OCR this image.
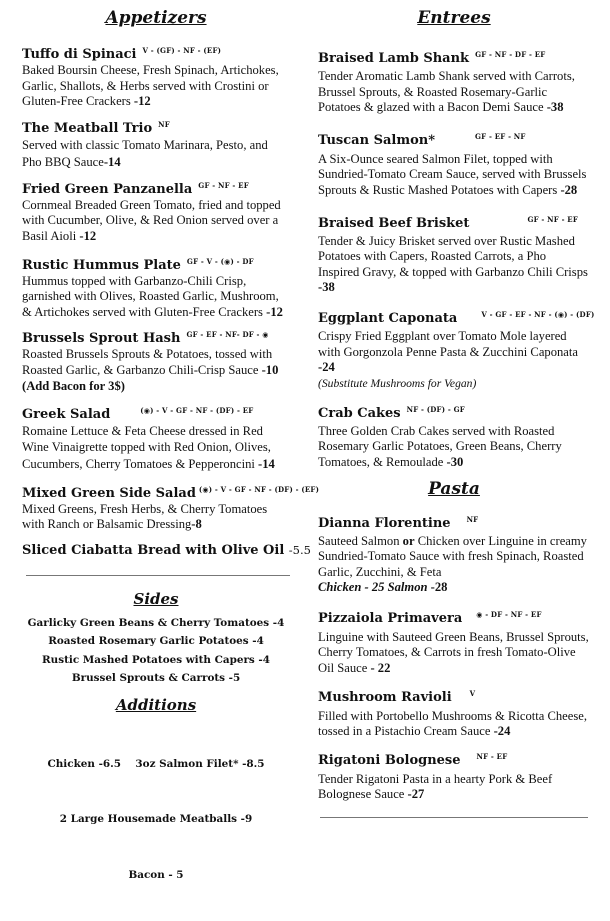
Appetizers
Tuffo di Spinaci $^{V - (GF) - NF - (EF)}$
Baked Boursin Cheese, Fresh Spinach, Artichokes, Garlic, Shallots, & Herbs served with Crostini or Gluten-Free Crackers -12
The Meatball Trio $^{NF}$
Served with classic Tomato Marinara, Pesto, and Pho BBQ Sauce-14
Fried Green Panzanella $^{GF - NF - EF}$
Cornmeal Breaded Green Tomato, fried and topped with Cucumber, Olive, & Red Onion served over a Basil Aioli -12
Rustic Hummus Plate $^{GF - V - (◉) - DF}$
Hummus topped with Garbanzo-Chili Crisp, garnished with Olives, Roasted Garlic, Mushroom, & Artichokes served with Gluten-Free Crackers -12
Brussels Sprout Hash $^{GF - EF - NF- DF - ◉}$
Roasted Brussels Sprouts & Potatoes, tossed with Roasted Garlic, & Garbanzo Chili-Crisp Sauce -10  (Add Bacon for 3$)
Greek Salad	$^{(◉) - V - GF - NF - (DF) - EF}$
Romaine Lettuce & Feta Cheese dressed in Red Wine Vinaigrette topped with Red Onion, Olives, Cucumbers, Cherry Tomatoes & Pepperoncini -14
Mixed Green Side Salad $^{(◉) - V - GF - NF - (DF) - (EF)}$
Mixed Greens, Fresh Herbs, & Cherry Tomatoes with Ranch or Balsamic Dressing-8
Sliced Ciabatta Bread with Olive Oil -5.5
Sides
Garlicky Green Beans & Cherry Tomatoes -4
Roasted Rosemary Garlic Potatoes -4
Rustic Mashed Potatoes with Capers -4
Brussel Sprouts & Carrots -5
Additions

Chicken -6.5    3oz Salmon Filet* -8.5

2 Large Housemade Meatballs -9

Bacon - 5

Entrees
Braised Lamb Shank $^{GF - NF - DF - EF}$
Tender Aromatic Lamb Shank served with Carrots, Brussel Sprouts, & Roasted Rosemary-Garlic Potatoes & glazed with a Bacon Demi Sauce -38
Tuscan Salmon*	$^{GF - EF - NF}$
A Six-Ounce seared Salmon Filet, topped with Sundried-Tomato Cream Sauce, served with Brussels Sprouts & Rustic Mashed Potatoes with Capers -28
Braised Beef Brisket	$^{GF - NF - EF}$
Tender & Juicy Brisket served over Rustic Mashed Potatoes with Capers, Roasted Carrots, a Pho Inspired Gravy, & topped with Garbanzo Chili Crisps -38
Eggplant Caponata	$^{V - GF - EF - NF - (◉) - (DF)}$
Crispy Fried Eggplant over Tomato Mole layered with Gorgonzola Penne Pasta & Zucchini Caponata -24
(Substitute Mushrooms for Vegan)
Crab Cakes $^{NF - (DF) - GF}$
Three Golden Crab Cakes served with Roasted Rosemary Garlic Potatoes, Green Beans, Cherry Tomatoes, & Remoulade -30
Pasta
Dianna Florentine $^{NF}$
Sauteed Salmon or Chicken over Linguine in creamy Sundried-Tomato Sauce with fresh Spinach, Roasted Garlic, Zucchini, & Feta
Chicken - 25 Salmon -28
Pizzaiola Primavera $^{◉ - DF - NF - EF}$
Linguine with Sauteed Green Beans, Brussel Sprouts, Cherry Tomatoes, & Carrots in fresh Tomato-Olive Oil Sauce - 22
Mushroom Ravioli	$^V$
Filled with Portobello Mushrooms & Ricotta Cheese, tossed in a Pistachio Cream Sauce -24
Rigatoni Bolognese $^{NF - EF}$
Tender Rigatoni Pasta in a hearty Pork & Beef Bolognese Sauce -27
